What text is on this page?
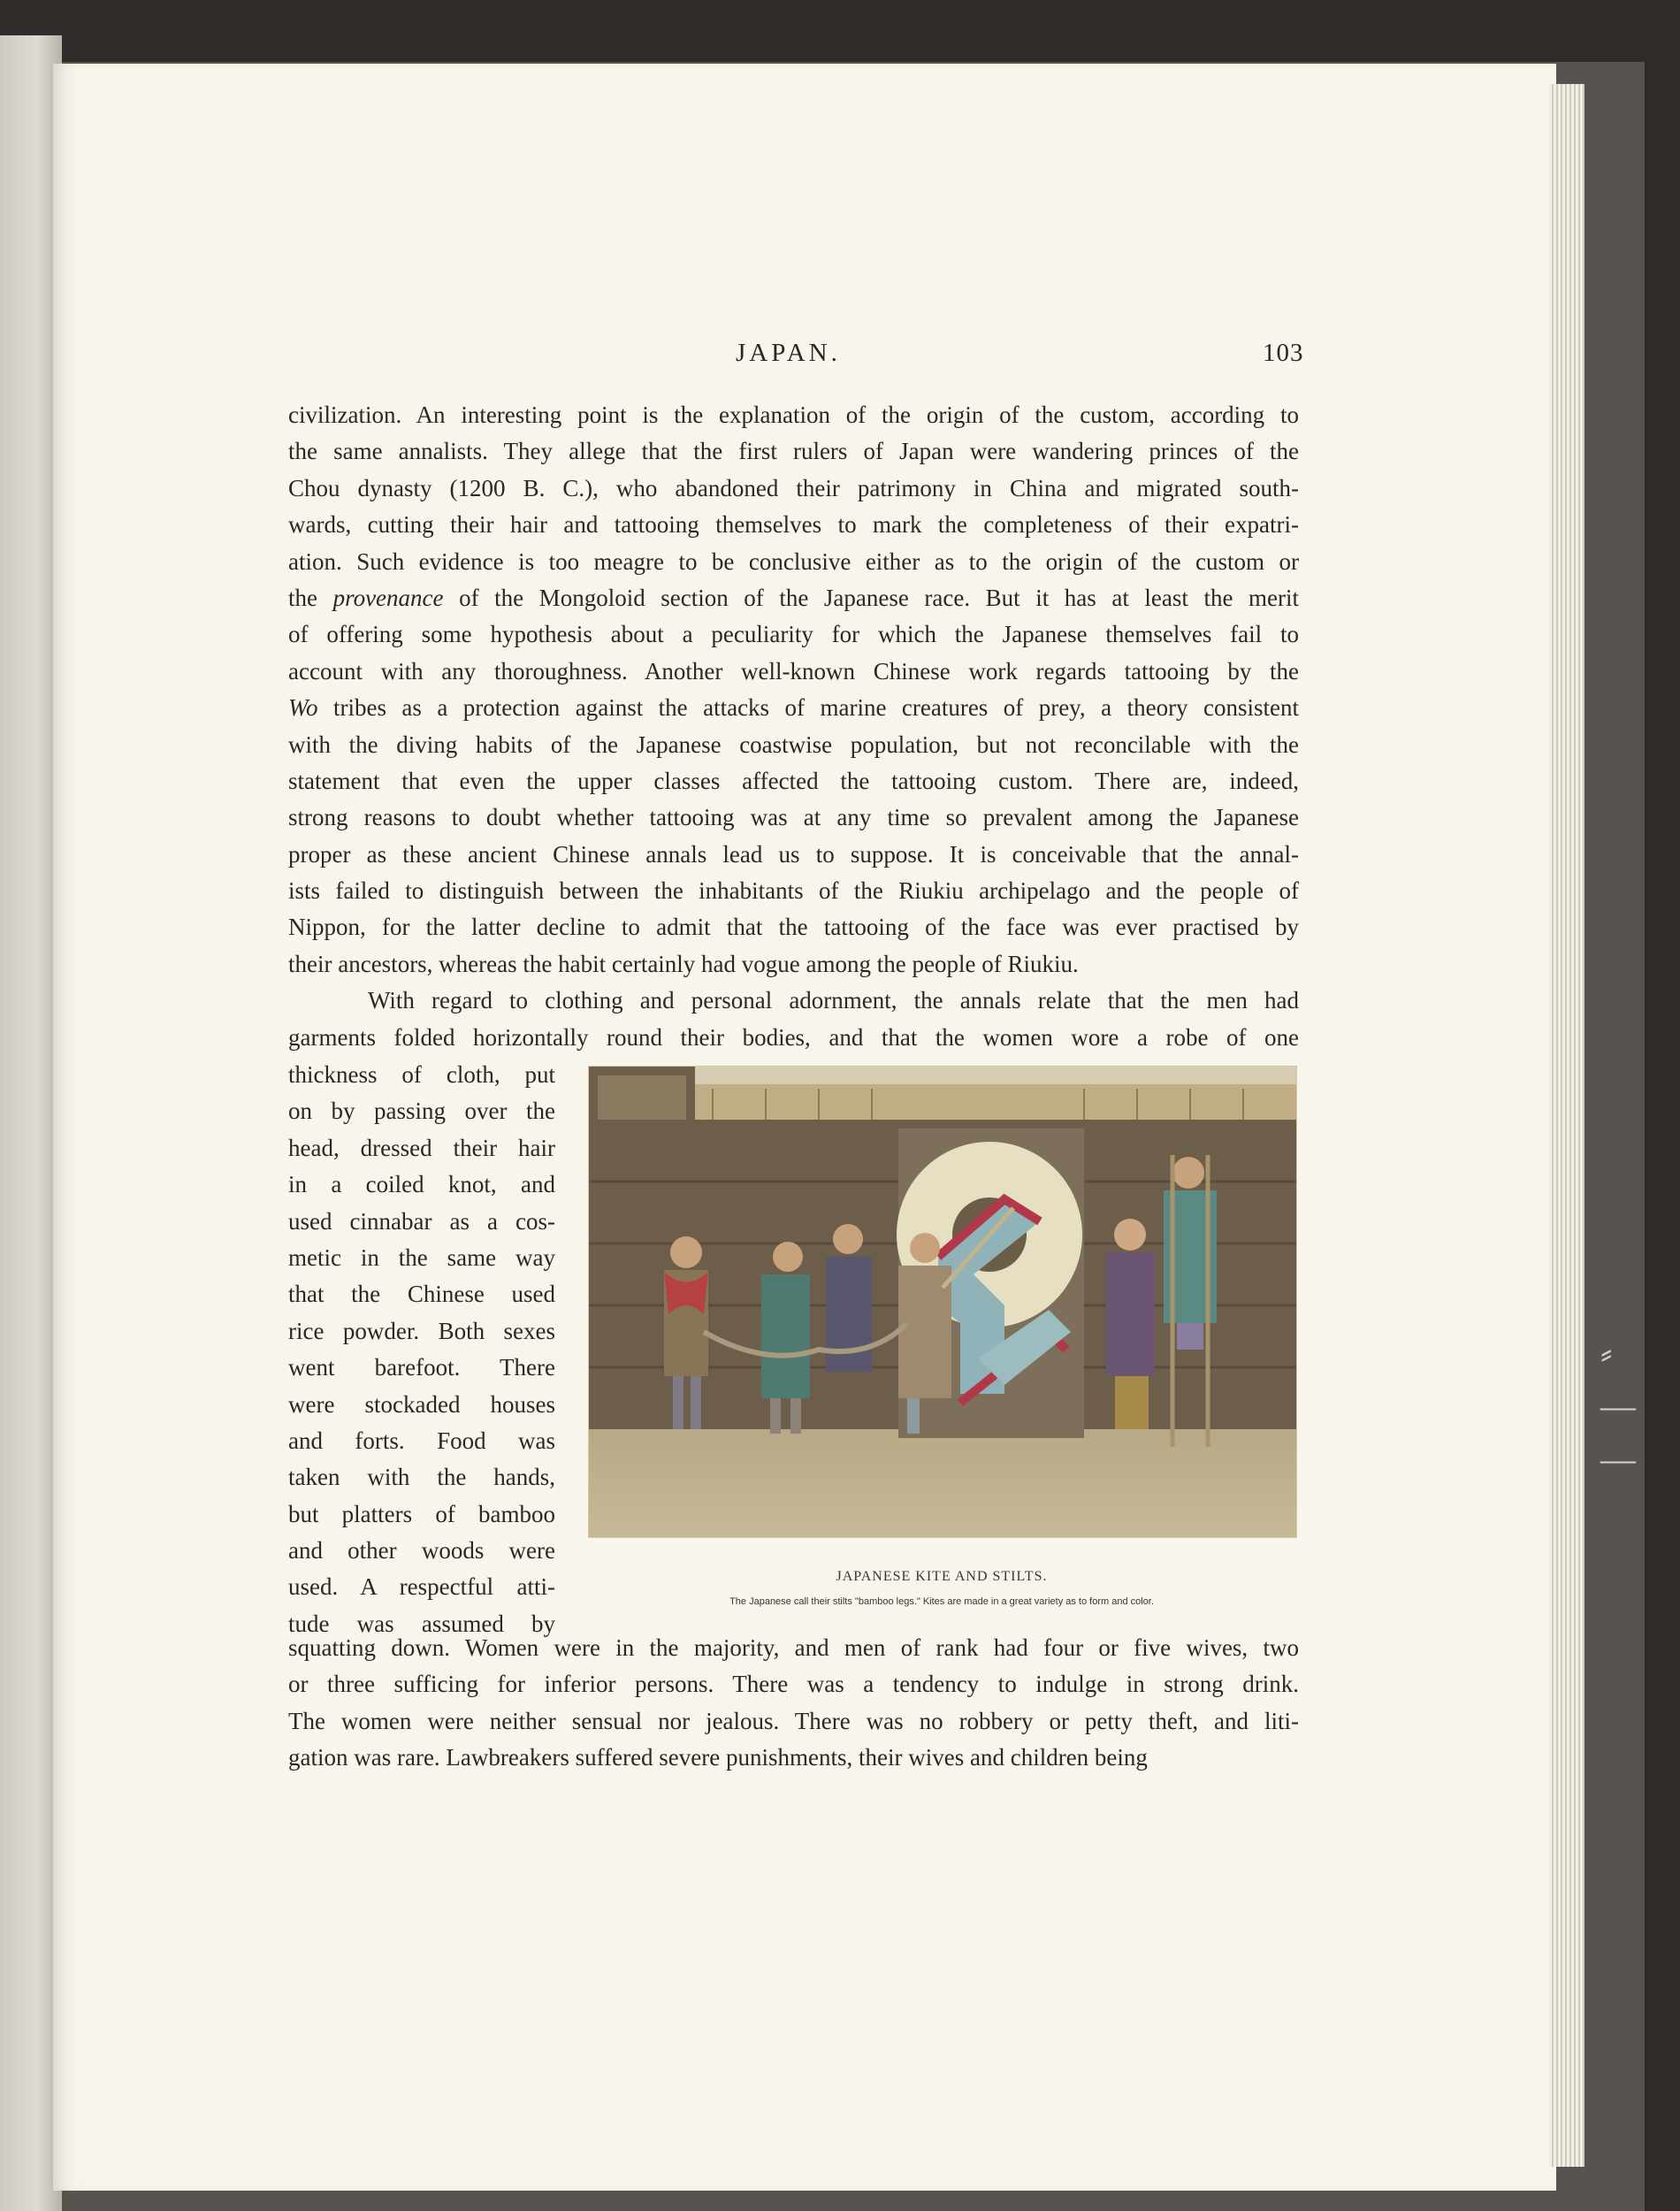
⸗
—
—
JAPAN.	103
civilization. An interesting point is the explanation of the origin of the custom, according to
the same annalists. They allege that the first rulers of Japan were wandering princes of the
Chou dynasty (1200 B. C.), who abandoned their patrimony in China and migrated south-
wards, cutting their hair and tattooing themselves to mark the completeness of their expatri-
ation. Such evidence is too meagre to be conclusive either as to the origin of the custom or
the provenance of the Mongoloid section of the Japanese race. But it has at least the merit
of offering some hypothesis about a peculiarity for which the Japanese themselves fail to
account with any thoroughness. Another well-known Chinese work regards tattooing by the
Wo tribes as a protection against the attacks of marine creatures of prey, a theory consistent
with the diving habits of the Japanese coastwise population, but not reconcilable with the
statement that even the upper classes affected the tattooing custom. There are, indeed,
strong reasons to doubt whether tattooing was at any time so prevalent among the Japanese
proper as these ancient Chinese annals lead us to suppose. It is conceivable that the annal-
ists failed to distinguish between the inhabitants of the Riukiu archipelago and the people of
Nippon, for the latter decline to admit that the tattooing of the face was ever practised by
their ancestors, whereas the habit certainly had vogue among the people of Riukiu.
With regard to clothing and personal adornment, the annals relate that the men had
garments folded horizontally round their bodies, and that the women wore a robe of one
thickness of cloth, put
on by passing over the
head, dressed their hair
in a coiled knot, and
used cinnabar as a cos-
metic in the same way
that the Chinese used
rice powder. Both sexes
went barefoot. There
were stockaded houses
and forts. Food was
taken with the hands,
but platters of bamboo
and other woods were
used. A respectful atti-
tude was assumed by
JAPANESE KITE AND STILTS.
The Japanese call their stilts "bamboo legs." Kites are made in a great variety as to form and color.
squatting down. Women were in the majority, and men of rank had four or five wives, two
or three sufficing for inferior persons. There was a tendency to indulge in strong drink.
The women were neither sensual nor jealous. There was no robbery or petty theft, and liti-
gation was rare. Lawbreakers suffered severe punishments, their wives and children being
